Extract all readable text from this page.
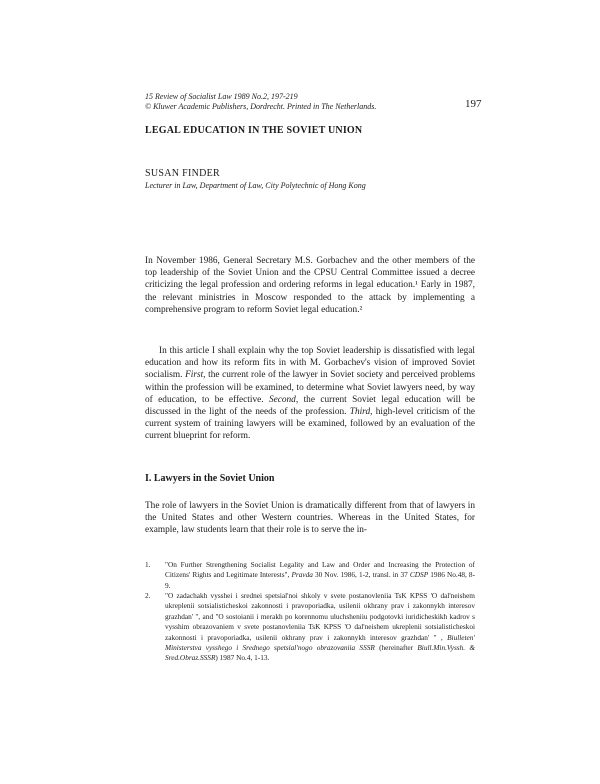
15 Review of Socialist Law 1989 No.2, 197-219
© Kluwer Academic Publishers, Dordrecht. Printed in The Netherlands.	197
LEGAL EDUCATION IN THE SOVIET UNION
SUSAN FINDER
Lecturer in Law, Department of Law, City Polytechnic of Hong Kong

In November 1986, General Secretary M.S. Gorbachev and the other members of the top leadership of the Soviet Union and the CPSU Central Committee issued a decree criticizing the legal profession and ordering reforms in legal education.¹ Early in 1987, the relevant ministries in Moscow responded to the attack by implementing a comprehensive program to reform Soviet legal education.²

In this article I shall explain why the top Soviet leadership is dissatisfied with legal education and how its reform fits in with M. Gorbachev's vision of improved Soviet socialism. First, the current role of the lawyer in Soviet society and perceived problems within the profession will be examined, to determine what Soviet lawyers need, by way of education, to be effective. Second, the current Soviet legal education will be discussed in the light of the needs of the profession. Third, high-level criticism of the current system of training lawyers will be examined, followed by an evaluation of the current blueprint for reform.

I. Lawyers in the Soviet Union

The role of lawyers in the Soviet Union is dramatically different from that of lawyers in the United States and other Western countries. Whereas in the United States, for example, law students learn that their role is to serve the in-

1. "On Further Strengthening Socialist Legality and Law and Order and Increasing the Protection of Citizens' Rights and Legitimate Interests", Pravda 30 Nov. 1986, 1-2, transl. in 37 CDSP 1986 No.48, 8-9.
2. "O zadachakh vysshei i srednei spetsial'noi shkoly v svete postanovleniia TsK KPSS 'O dal'neishem ukreplenii sotsialisticheskoi zakonnosti i pravoporiadka, usilenii okhrany prav i zakonnykh interesov grazhdan' ", and "O sostoianii i merakh po korennomu uluchsheniiu podgotovki iuridicheskikh kadrov s vysshim obrazovaniem v svete postanovleniia TsK KPSS 'O dal'neishem ukreplenii sotsialisticheskoi zakonnosti i pravoporiadka, usilenii okhrany prav i zakonnykh interesov grazhdan' " , Biulleten' Ministerstva vysshego i Srednego spetsial'nogo obrazovaniia SSSR (hereinafter Biull.Min.Vyssh. & Sred.Obraz.SSSR) 1987 No.4, 1-13.
